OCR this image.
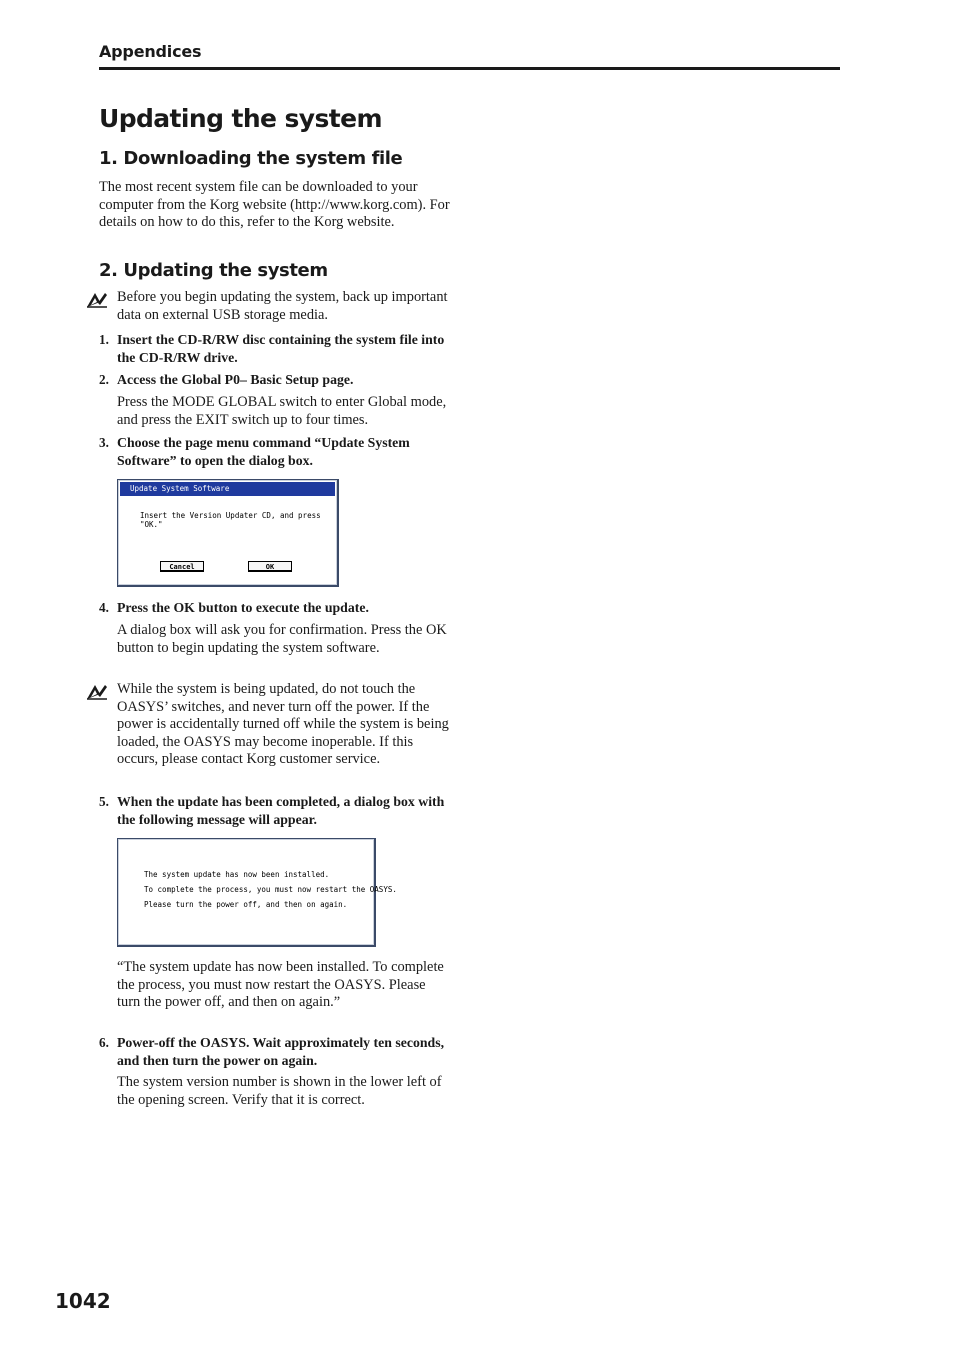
Appendices
Updating the system
1. Downloading the system file

The most recent system file can be downloaded to your computer from the Korg website (http://www.korg.com). For details on how to do this, refer to the Korg website.

2. Updating the system

Before you begin updating the system, back up important data on external USB storage media.

1. Insert the CD-R/RW disc containing the system file into the CD-R/RW drive.

2. Access the Global P0– Basic Setup page.

Press the MODE GLOBAL switch to enter Global mode, and press the EXIT switch up to four times.

3. Choose the page menu command “Update System Software” to open the dialog box.

Update System Software
Insert the Version Updater CD, and press "OK."
Cancel	OK
4. Press the OK button to execute the update.

A dialog box will ask you for confirmation. Press the OK button to begin updating the system software.

While the system is being updated, do not touch the OASYS’ switches, and never turn off the power. If the power is accidentally turned off while the system is being loaded, the OASYS may become inoperable. If this occurs, please contact Korg customer service.

5. When the update has been completed, a dialog box with the following message will appear.

The system update has now been installed.
To complete the process, you must now restart the OASYS.
Please turn the power off, and then on again.

“The system update has now been installed. To complete the process, you must now restart the OASYS. Please turn the power off, and then on again.”

6. Power-off the OASYS. Wait approximately ten seconds, and then turn the power on again.

The system version number is shown in the lower left of the opening screen. Verify that it is correct.

1042
